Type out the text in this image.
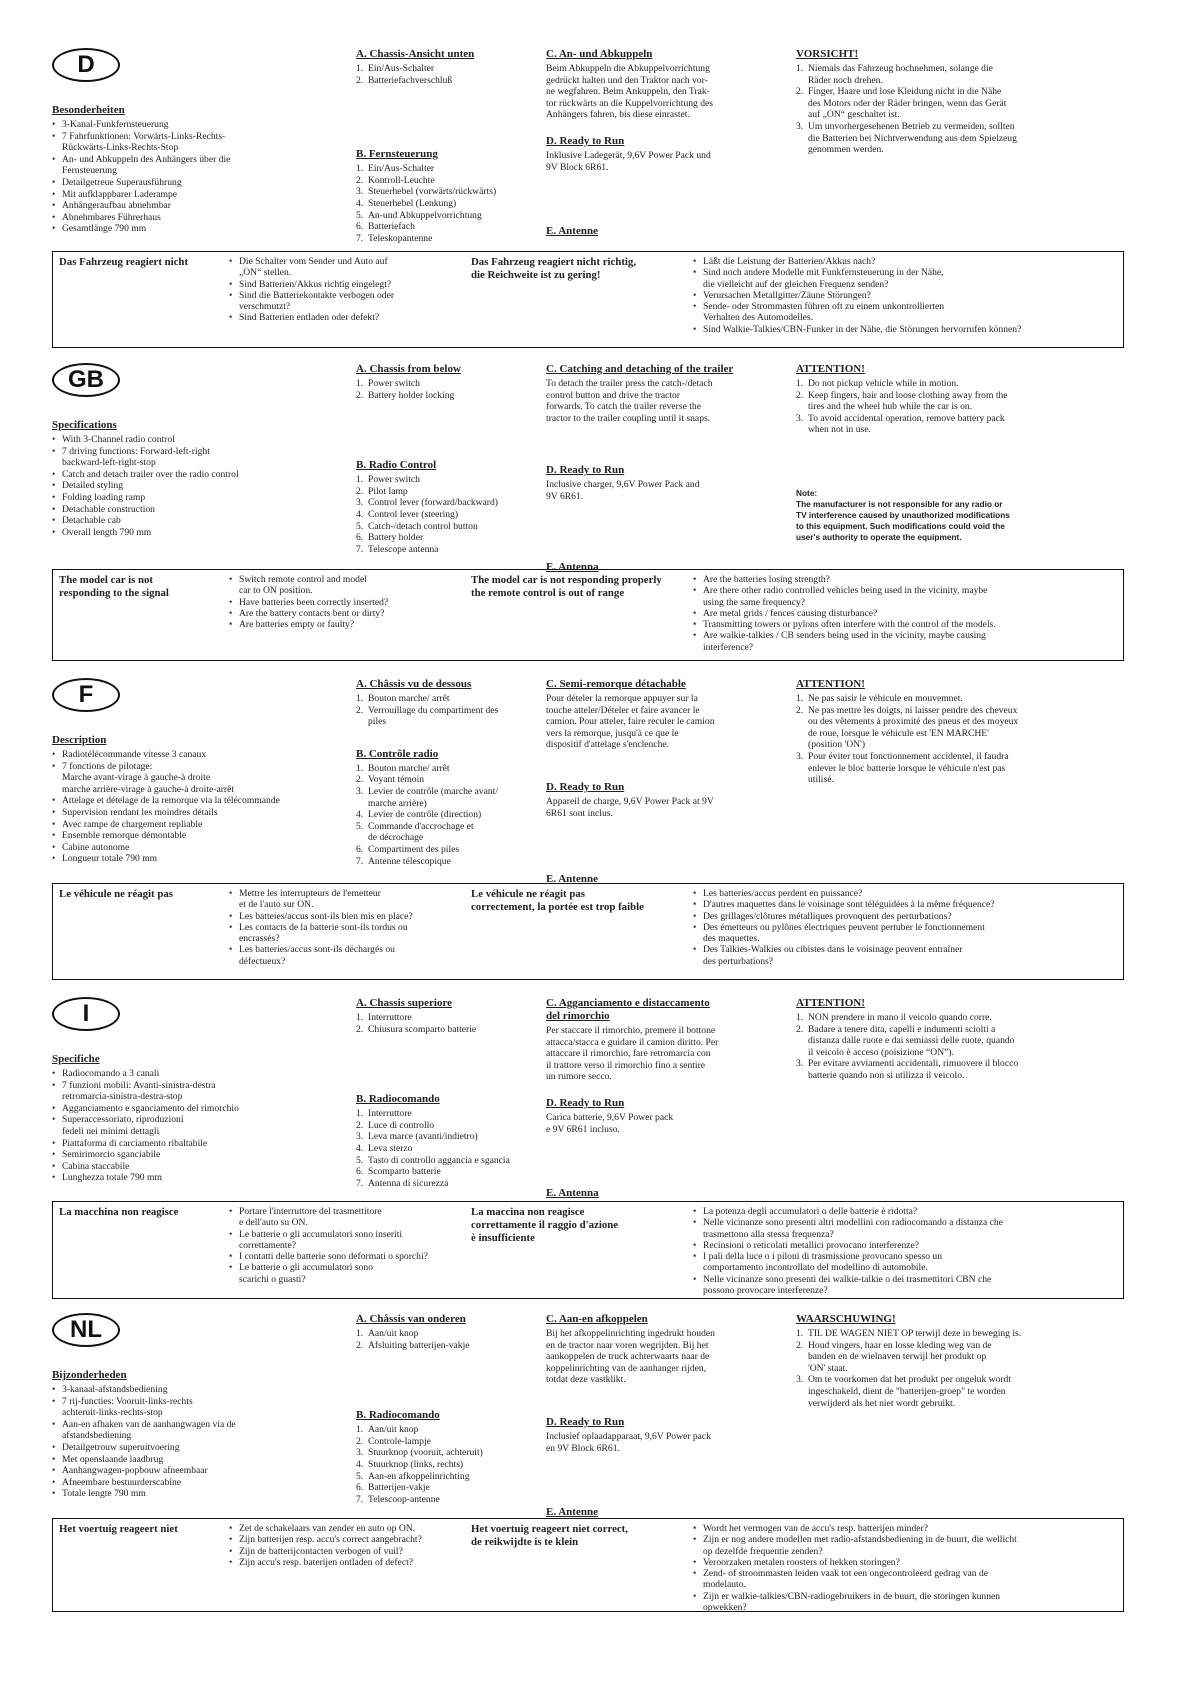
D
Besonderheiten
• 3-Kanal-Funkfernsteuerung
• 7 Fahrfunktionen: Vorwärts-Links-Rechts-
Rückwärts-Links-Rechts-Stop
• An- und Abkuppeln des Anhängers über die
Fernsteuerung
• Detailgetreue Superausführung
• Mit aufklappbarer Laderampe
• Anhängeraufbau abnehmbar
• Abnehmbares Führerhaus
• Gesamtlänge 790 mm
A. Chassis-Ansicht unten
1. Ein/Aus-Schalter
2. Batteriefachverschluß
B. Fernsteuerung
1. Ein/Aus-Schalter
2. Kontroll-Leuchte
3. Steuerhebel (vorwärts/rückwärts)
4. Steuerhebel (Lenkung)
5. An-und Abkuppelvorrichtung
6. Batteriefach
7. Teleskopantenne
C. An- und Abkuppeln
Beim Abkuppeln die Abkuppelvorrichtung
gedrückt halten und den Traktor nach vor-
ne wegfahren. Beim Ankuppeln, den Trak-
tor rückwärts an die Kuppelvorrichtung des
Anhängers fahren, bis diese einrastet.
D. Ready to Run
Inklusive Ladegerät, 9,6V Power Pack und
9V Block 6R61.
E. Antenne
VORSICHT!
1. Niemals das Fahrzeug hochnehmen, solange die
Räder noch drehen.
2. Finger, Haare und lose Kleidung nicht in die Nähe
des Motors oder der Räder bringen, wenn das Gerät
auf „ON“ geschaltet ist.
3. Um unvorhergesehenen Betrieb zu vermeiden, sollten
die Batterien bei Nichtverwendung aus dem Spielzeug
genommen werden.
Das Fahrzeug reagiert nicht	• Die Schalter vom Sender und Auto auf
„ON“ stellen.
• Sind Batterien/Akkus richtig eingelegt?
• Sind die Batteriekontakte verbogen oder
verschmutzt?
• Sind Batterien entladen oder defekt?
Das Fahrzeug reagiert nicht richtig,
die Reichweite ist zu gering!
• Läßt die Leistung der Batterien/Akkus nach?
• Sind noch andere Modelle mit Funkfernsteuerung in der Nähe,
die vielleicht auf der gleichen Frequenz senden?
• Verursachen Metallgitter/Zäune Störungen?
• Sende- oder Strommasten führen oft zu einem unkontrollierten
Verhalten des Automodelles.
• Sind Walkie-Talkies/CBN-Funker in der Nähe, die Störungen hervorrufen können?
GB
Specifications
• With 3-Channel radio control
• 7 driving functions: Forward-left-right
backward-left-right-stop
• Catch and detach trailer over the radio control
• Detailed styling
• Folding loading ramp
• Detachable construction
• Detachable cab
• Overall length 790 mm
A. Chassis from below
1. Power switch
2. Battery holder locking
B. Radio Control
1. Power switch
2. Pilot lamp
3. Control lever (forward/backward)
4. Control lever (steering)
5. Catch-/detach control button
6. Battery holder
7. Telescope antenna
C. Catching and detaching of the trailer
To detach the trailer press the catch-/detach
control button and drive the tractor
forwards. To catch the trailer reverse the
tractor to the trailer coupling until it snaps.
D. Ready to Run
Inclusive charger, 9,6V Power Pack and
9V 6R61.
E. Antenna
ATTENTION!
1. Do not pickup vehicle while in motion.
2. Keep fingers, hair and loose clothing away from the
tires and the wheel hub while the car is on.
3. To avoid accidental operation, remove battery pack
when not in use.
Note:
The manufacturer is not responsible for any radio or
TV interference caused by unauthorized modifications
to this equipment. Such modifications could void the
user's authority to operate the equipment.
The model car is not
responding to the signal
• Switch remote control and model
car to ON position.
• Have batteries been correctly inserted?
• Are the battery contacts bent or dirty?
• Are batteries empty or faulty?
The model car is not responding properly
the remote control is out of range
• Are the batteries losing strength?
• Are there other radio controlled vehicles being used in the vicinity, maybe
using the same frequency?
• Are metal grids / fences causing disturbance?
• Transmitting towers or pylons often interfere with the control of the models.
• Are walkie-talkies / CB senders being used in the vicinity, maybe causing
interference?
F
Description
• Radiotélécommande vitesse 3 canaux
• 7 fonctions de pilotage:
Marche avant-virage à gauche-à droite
marche arrière-virage à gauche-à droite-arrêt
• Attelage et dételage de la remorque via la télécommande
• Supervision rendant les moindres détails
• Avec rampe de chargement repliable
• Ensemble remorque démontable
• Cabine autonome
• Longueur totale 790 mm
A. Châssis vu de dessous
1. Bouton marche/ arrêt
2. Verrouillage du compartiment des
piles
B. Contrôle radio
1. Bouton marche/ arrêt
2. Voyant témoin
3. Levier de contrôle (marche avant/
marche arrière)
4. Levier de contrôle (direction)
5. Commande d'accrochage et
de décrochage
6. Compartiment des piles
7. Antenne télescopique
C. Semi-remorque détachable
Pour dételer la remorque appuyer sur la
touche atteler/Dételer et faire avancer le
camion. Pour atteler, faire reculer le camion
vers la remorque, jusqu'à ce que le
dispositif d'attelage s'enclenche.
D. Ready to Run
Appareil de charge, 9,6V Power Pack at 9V
6R61 sont inclus.
E. Antenne
ATTENTION!
1. Ne pas saisir le véhicule en mouvemnet.
2. Ne pas mettre les doigts, ni laisser pendre des cheveux
ou des vêtements à proximité des pneus et des moyeux
de roue, lorsque le véhicule est 'EN MARCHE'
(position 'ON')
3. Pour éviter tout fonctionnement accidentel, il faudra
enlever le bloc batterie lorsque le véhicule n'est pas
utilisé.
Le véhicule ne réagit pas	• Mettre les interrupteurs de l'emetteur
et de l'auto sur ON.
• Les batteies/accus sont-ils bien mis en place?
• Les contacts de la batterie sont-ils tordus ou
encrassés?
• Les batteries/accus sont-ils déchargés ou
défectueux?
Le véhicule ne réagit pas
correctement, la portée est trop faible
• Les batteries/accus perdent en puissance?
• D'autres maquettes dans le voisinage sont téléguidées à la même fréquence?
• Des grillages/clôtures métalliques provoquent des perturbations?
• Des émetteurs ou pylônes électriques peuvent pertuber le fonctionnement
des maquettes.
• Des Talkies-Walkies ou cibistes dans le voisinage peuvent entraîner
des perturbations?
I
Specifiche
• Radiocomando a 3 canali
• 7 funzioni mobili: Avanti-sinistra-destra
retromarcia-sinistra-destra-stop
• Agganciamento e sganciamento del rimorchio
• Superaccessoriato, riproduzioni
fedeli nei minimi dettagli
• Piattaforma di carciamento ribaltabile
• Semirimorcio sganciabile
• Cabina staccabile
• Lunghezza totale 790 mm
A. Chassis superiore
1. Interruttore
2. Chiusura scomparto batterie
B. Radiocomando
1. Interruttore
2. Luce di controllo
3. Leva marce (avanti/indietro)
4. Leva sterzo
5. Tasto di controllo aggancia e sgancia
6. Scomparto batterie
7. Antenna di sicurezza
C. Agganciamento e distaccamento
del rimorchio
Per staccare il rimorchio, premere il bottone
attacca/stacca e guidare il camion diritto. Per
attaccare il rimorchio, fare retromarcia con
il trattore verso il rimorchio fino a sentire
un rumore secco.
D. Ready to Run
Carica batterie, 9,6V Power pack
e 9V 6R61 incluso.
E. Antenna
ATTENTION!
1. NON prendere in mano il veicolo quando corre.
2. Badare a tenere dita, capelli e indumenti sciolti a
distanza dalle ruote e dai semiassi delle ruote, quando
il veicolo è acceso (poisizione “ON”).
3. Per evitare avviamenti accidentali, rimuovere il blocco
batterie quando non si utilizza il veicolo.
La macchina non reagisce	• Portare l'interruttore del trasmettitore
e dell'auto su ON.
• Le batterie o gli accumulatori sono inseriti
correttamente?
• I contatti delle batterie sono deformati o sporchi?
• Le batterie o gli accumulatori sono
scarichi o guasti?
La maccina non reagisce
correttamente il raggio d'azione
è insufficiente
• La potenza degli accumulatori o delle batterie è ridotta?
• Nelle vicinanze sono presenti altri modellini con radiocomando a distanza che
trasmettono alla stessa frequenza?
• Recinsioni o reticolati metallici provocano interferenze?
• I pali della luce o i piloni di trasmissione provocano spesso un
comportamento incontrollato del modellino di automobile.
• Nelle vicinanze sono presenti dei walkie-talkie o dei trasmettitori CBN che
possono provocare interferenze?
NL
Bijzonderheden
• 3-kanaal-afstandsbediening
• 7 rij-functies: Vooruit-links-rechts
achteruit-links-rechts-stop
• Aan-en afhaken van de aanhangwagen via de
afstandsbediening
• Detailgetrouw superuitvoering
• Met openslaande laadbrug
• Aanhangwagen-popbouw afneembaar
• Afneembare bestuurderscabine
• Totale lengte 790 mm
A. Chåssis van onderen
1. Aan/uit knop
2. Afsluiting batterijen-vakje
B. Radiocomando
1. Aan/uit knop
2. Controle-lampje
3. Stuurknop (vooruit, achteruit)
4. Stuurknop (links, rechts)
5. Aan-en afkoppelinrichting
6. Batterijen-vakje
7. Telescoop-antenne
C. Aan-en afkoppelen
Bij het afkoppelinrichting ingedrukt houden
en de tractor naar voren wegrijden. Bij het
aankoppelen de truck achterwaarts naar de
koppelinrichting van de aanhanger rijden,
totdat deze vastklikt.
D. Ready to Run
Inclusief oplaadapparaat, 9,6V Power pack
en 9V Block 6R61.
E. Antenne
WAARSCHUWING!
1. TIL DE WAGEN NIET OP terwijl deze in beweging is.
2. Houd vingers, haar en losse kleding weg van de
banden en de wielnaven terwijl het produkt op
'ON' staat.
3. Om te voorkomen dat het produkt per ongeluk wordt
ingeschakeld, dient de "batterijen-groep" te worden
verwijderd als het niet wordt gebruikt.
Het voertuig reageert niet	• Zet de schakelaars van zender en auto op ON.
• Zijn batterijen resp. accu's correct aangebracht?
• Zijn de batterijcontacten verbogen of vuil?
• Zijn accu's resp. baterijen ontladen of defect?
Het voertuig reageert niet correct,
de reikwijdte is te klein
• Wordt het vermogen van de accu's resp. batterijen minder?
• Zijn er nog andere modellen met radio-afstandsbediening in de buurt, die wellicht
op dezelfde frequentie zenden?
• Veroorzaken metalen roosters of hekken storingen?
• Zend- of stroommasten leiden vaak tot een ongecontroleerd gedrag van de
modelauto.
• Zijn er walkie-talkies/CBN-radiogebruikers in de buurt, die storingen kunnen
opwekken?
